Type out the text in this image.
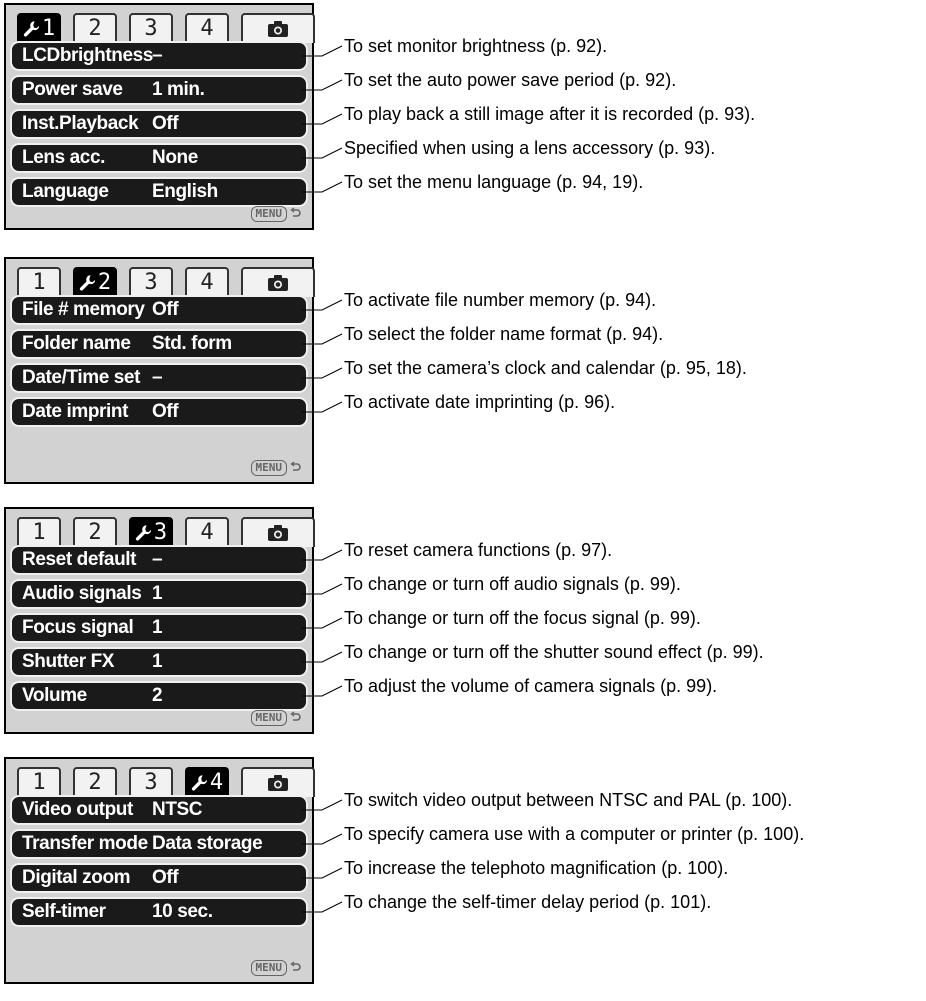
1 2 3 4
LCDbrightness –
Power save 1 min.
Inst.Playback Off
Lens acc. None
Language English
MENU
To set monitor brightness (p. 92).
To set the auto power save period (p. 92).
To play back a still image after it is recorded (p. 93).
Specified when using a lens accessory (p. 93).
To set the menu language (p. 94, 19).
1 2 3 4
File # memory Off
Folder name Std. form
Date/Time set –
Date imprint Off
MENU
To activate file number memory (p. 94).
To select the folder name format (p. 94).
To set the camera’s clock and calendar (p. 95, 18).
To activate date imprinting (p. 96).
1 2 3 4
Reset default –
Audio signals 1
Focus signal 1
Shutter FX 1
Volume	2
MENU
To reset camera functions (p. 97).
To change or turn off audio signals (p. 99).
To change or turn off the focus signal (p. 99).
To change or turn off the shutter sound effect (p. 99).
To adjust the volume of camera signals (p. 99).
1 2 3 4
Video output NTSC
Transfer mode Data storage
Digital zoom Off
Self-timer 10 sec.
MENU
To switch video output between NTSC and PAL (p. 100).
To specify camera use with a computer or printer (p. 100).
To increase the telephoto magnification (p. 100).
To change the self-timer delay period (p. 101).
